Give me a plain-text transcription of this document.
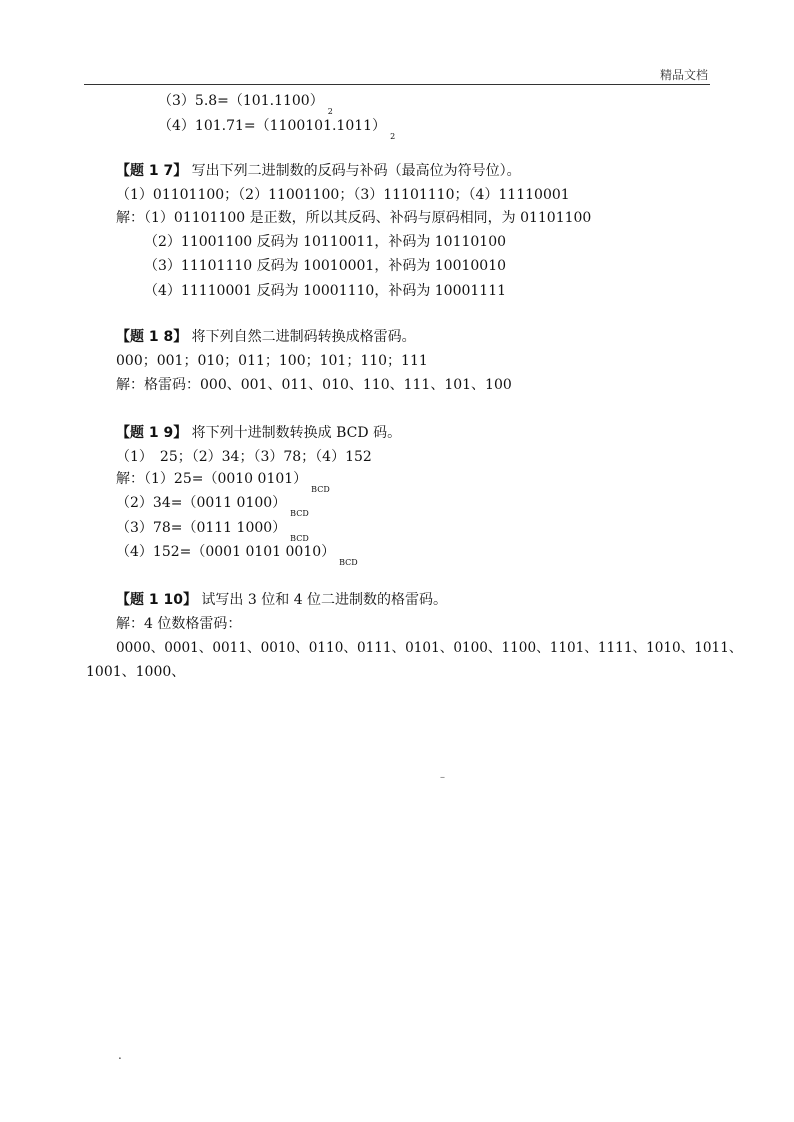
精品文档
$(3)5.8=(101.1100)_2$
$(4)101.71=(1100101.1011)_2$
【题 1 7】 写出下列二进制数的反码与补码（最高位为符号位）。
（1）01101100；（2）11001100；（3）11101110；（4）11110001
解：（1）01101100 是正数，所以其反码、补码与原码相同，为 01101100
（2）11001100 反码为 10110011，补码为 10110100
（3）11101110 反码为 10010001，补码为 10010010
（4）11110001 反码为 10001110，补码为 10001111
【题 1 8】 将下列自然二进制码转换成格雷码。
000；001；010；011；100；101；110；111
解：格雷码：000、001、011、010、110、111、101、100
【题 1 9】 将下列十进制数转换成 BCD 码。
（1）　25；（2）34；（3）78；（4）152
解：（1）25=（0010 $0101)_{BCD}$
（2）34=（0011 $0100)_{BCD}$
（3）78=（0111 $1000)_{BCD}$
（4）152=（0001 0101 $0010)_{BCD}$
【题 1 10】 试写出 3 位和 4 位二进制数的格雷码。
解：4 位数格雷码：
0000、0001、0011、0010、0110、0111、0101、0100、1100、1101、1111、1010、1011、
1001、1000、
–
.
